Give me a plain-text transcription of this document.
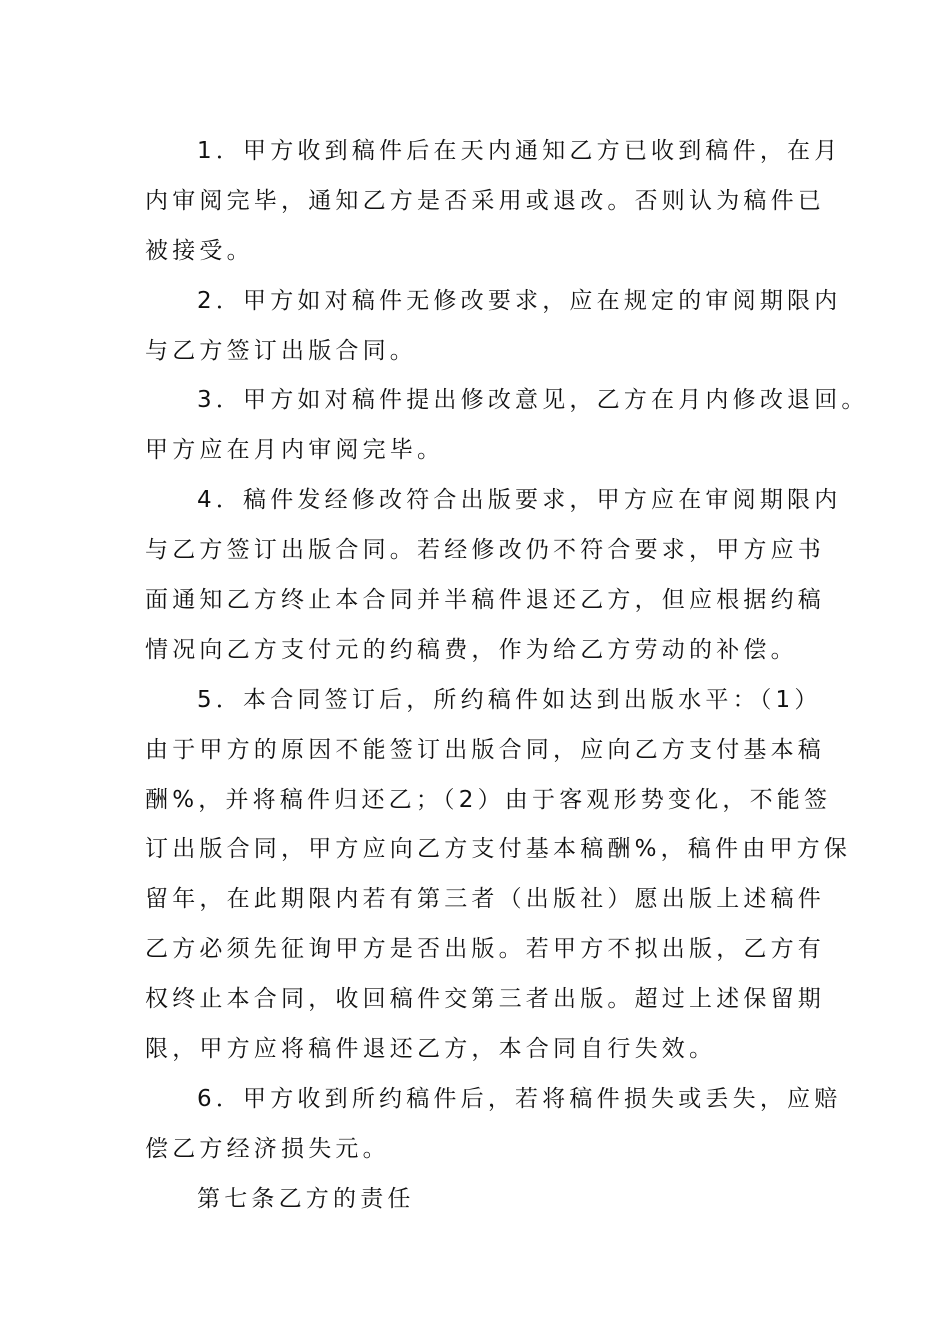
1．甲方收到稿件后在天内通知乙方已收到稿件，在月
内审阅完毕，通知乙方是否采用或退改。否则认为稿件已
被接受。
2．甲方如对稿件无修改要求，应在规定的审阅期限内
与乙方签订出版合同。
3．甲方如对稿件提出修改意见，乙方在月内修改退回。
甲方应在月内审阅完毕。
4．稿件发经修改符合出版要求，甲方应在审阅期限内
与乙方签订出版合同。若经修改仍不符合要求，甲方应书
面通知乙方终止本合同并半稿件退还乙方，但应根据约稿
情况向乙方支付元的约稿费，作为给乙方劳动的补偿。
5．本合同签订后，所约稿件如达到出版水平：（1）
由于甲方的原因不能签订出版合同，应向乙方支付基本稿
酬%，并将稿件归还乙；（2）由于客观形势变化，不能签
订出版合同，甲方应向乙方支付基本稿酬%，稿件由甲方保
留年，在此期限内若有第三者（出版社）愿出版上述稿件
乙方必须先征询甲方是否出版。若甲方不拟出版，乙方有
权终止本合同，收回稿件交第三者出版。超过上述保留期
限，甲方应将稿件退还乙方，本合同自行失效。
6．甲方收到所约稿件后，若将稿件损失或丢失，应赔
偿乙方经济损失元。
第七条乙方的责任
